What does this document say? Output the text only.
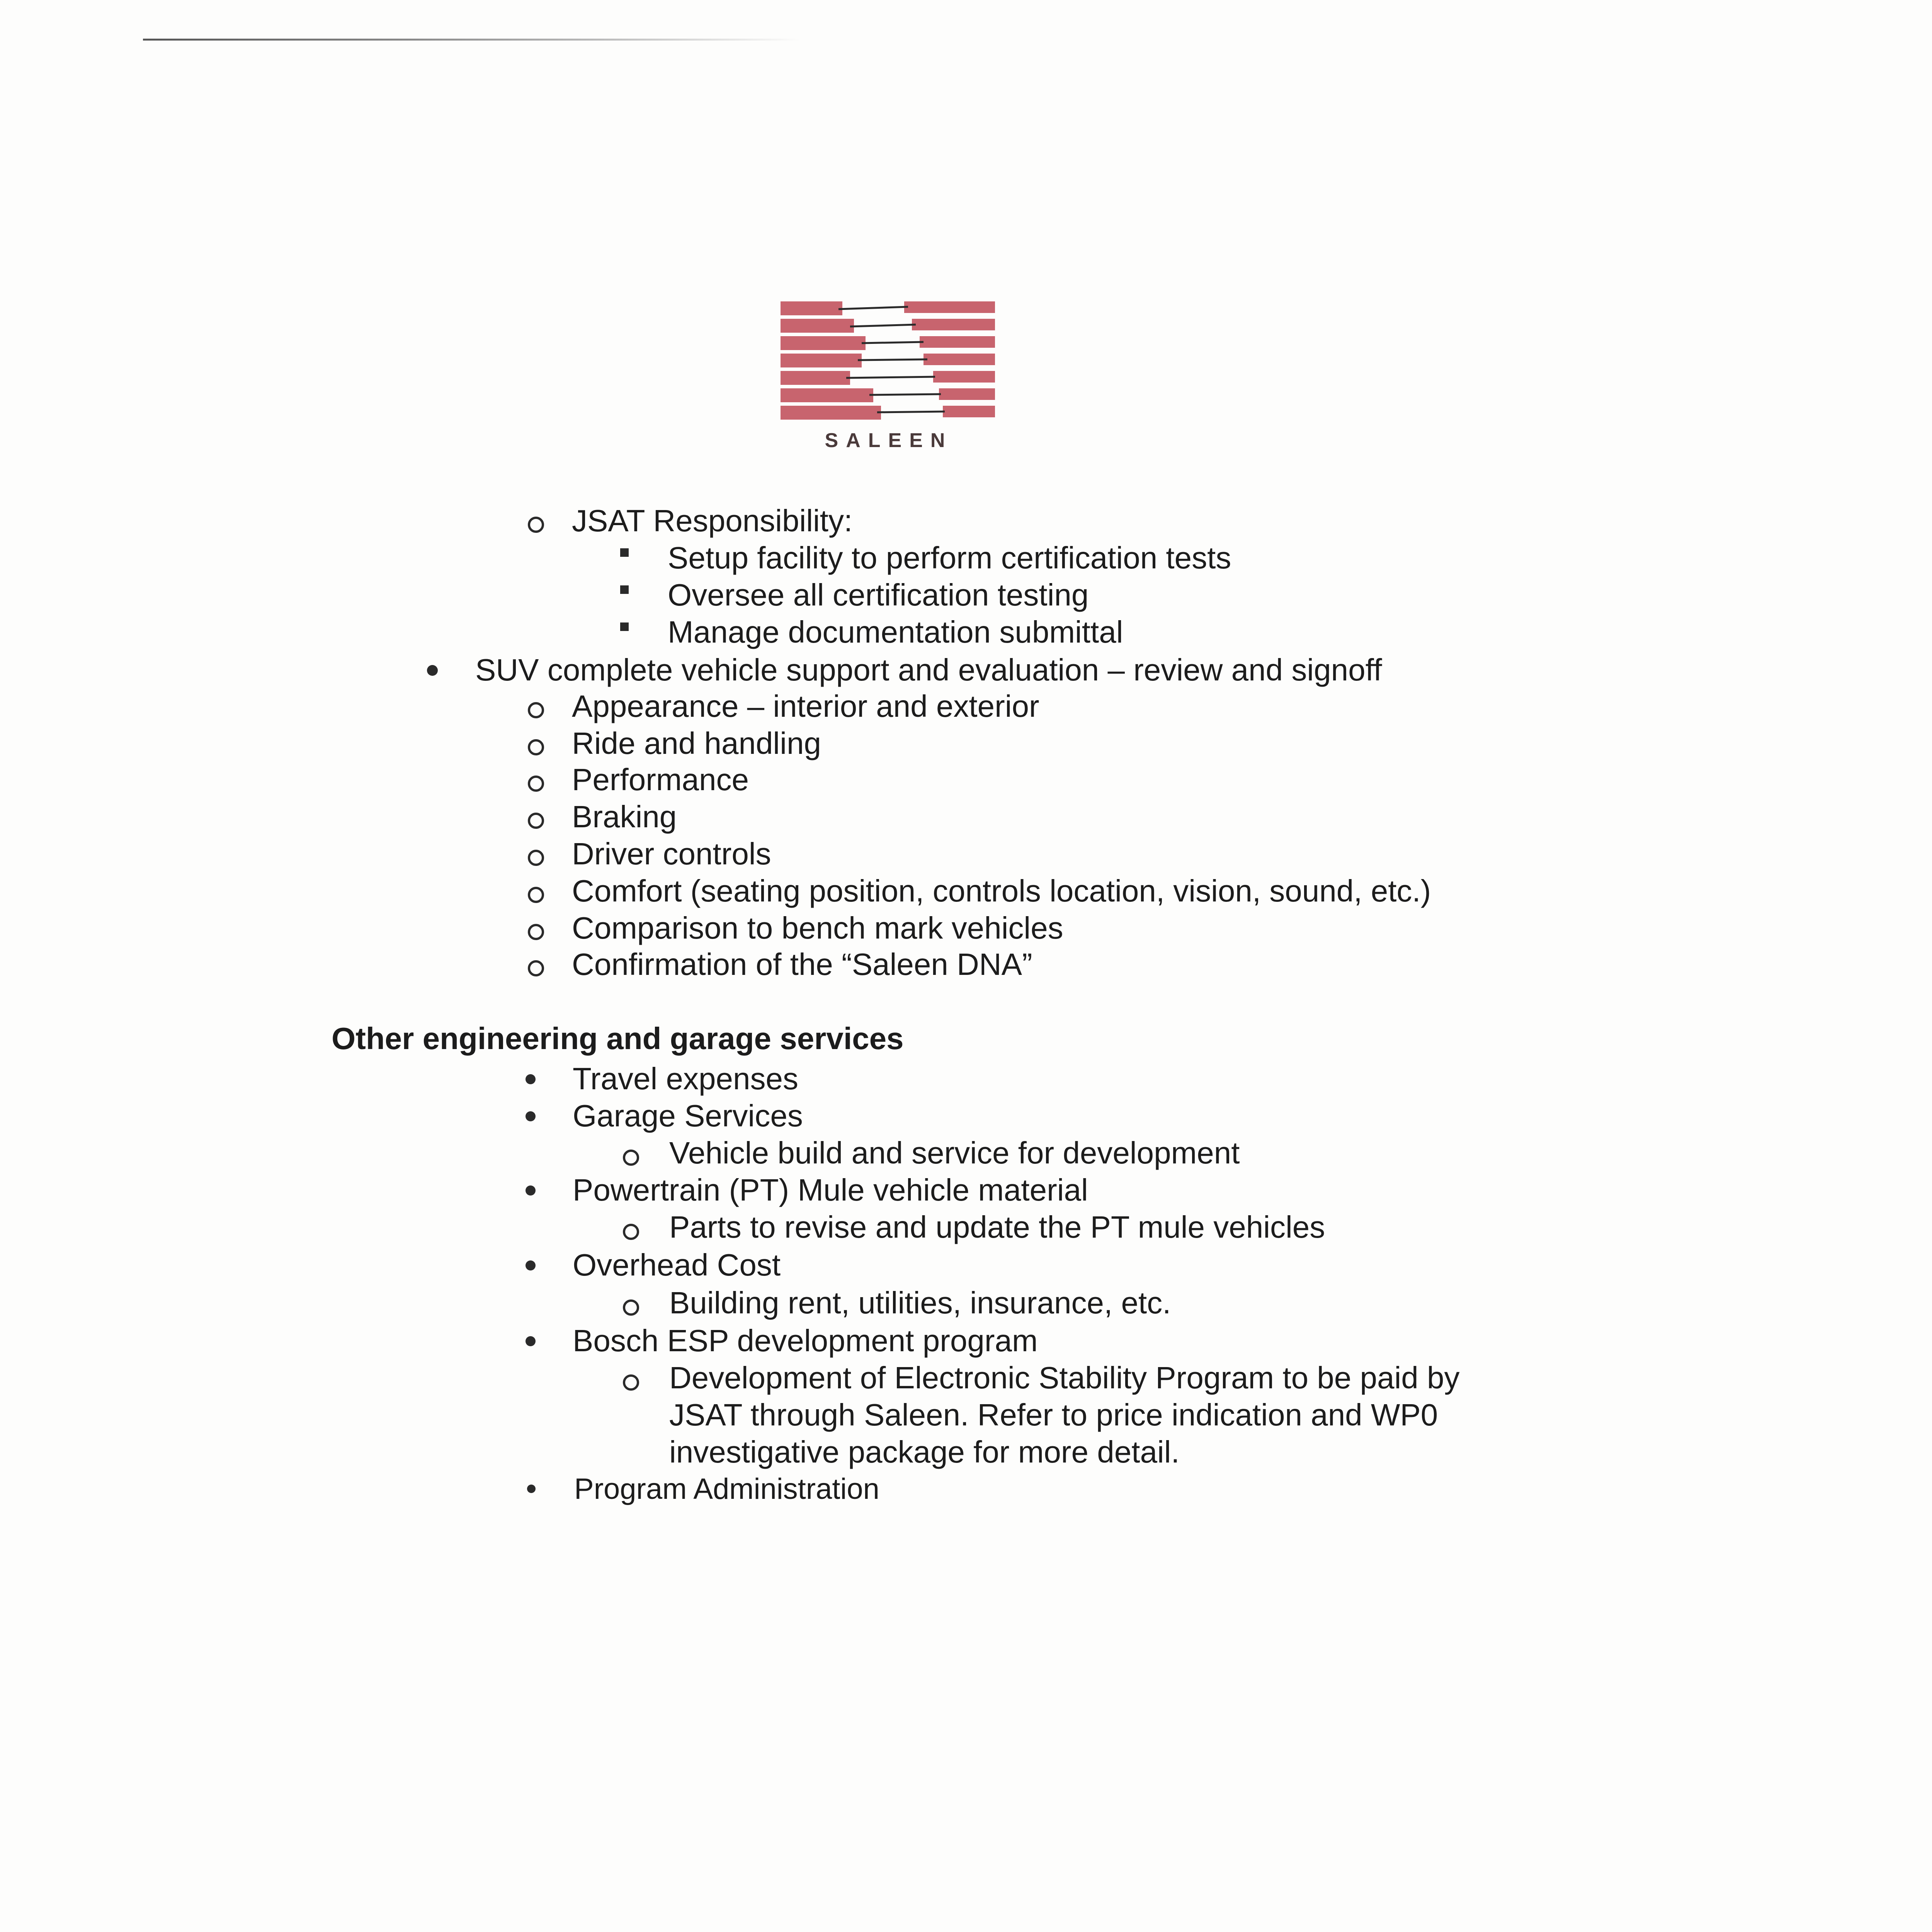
SALEEN
JSAT Responsibility:
Setup facility to perform certification tests
Oversee all certification testing
Manage documentation submittal
SUV complete vehicle support and evaluation – review and signoff
Appearance – interior and exterior
Ride and handling
Performance
Braking
Driver controls
Comfort (seating position, controls location, vision, sound, etc.)
Comparison to bench mark vehicles
Confirmation of the “Saleen DNA”
Other engineering and garage services
Travel expenses
Garage Services
Vehicle build and service for development
Powertrain (PT) Mule vehicle material
Parts to revise and update the PT mule vehicles
Overhead Cost
Building rent, utilities, insurance, etc.
Bosch ESP development program
Development of Electronic Stability Program to be paid by
JSAT through Saleen. Refer to price indication and WP0
investigative package for more detail.
Program Administration
